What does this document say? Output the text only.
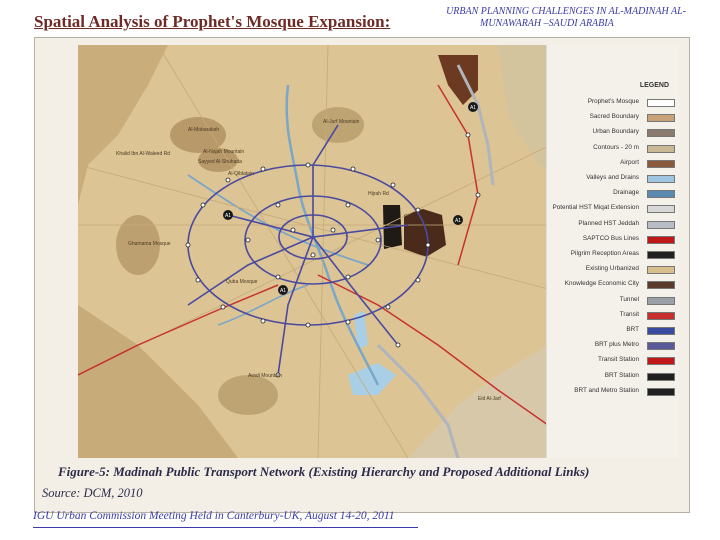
URBAN PLANNING CHALLENGES IN AL-MADINAH AL-
MUNAWARAH –SAUDI ARABIA
Spatial Analysis of Prophet's Mosque Expansion:
A1
A1
A1
A1
Al-Mobarakeh
Al-Najah Mountain
Al-Jurf Mountain
Khalid Ibn Al-Waleed Rd
Sayyed Al-Shuhada
Quba Mosque
Ghamama Mosque
Al-Qiblatain
Awali Mountain
Hijrah Rd
Eid Al-Jarf
LEGEND
Prophet's Mosque
Sacred Boundary
Urban Boundary
Contours - 20 m
Airport
Valleys and Drains
Drainage
Potential HST Miqat Extension
Planned HST Jeddah
SAPTCO Bus Lines
Pilgrim Reception Areas
Existing Urbanized
Knowledge Economic City
Tunnel
Transit
BRT
BRT plus Metro
Transit Station
BRT Station
BRT and Metro Station
Figure-5: Madinah Public Transport Network (Existing Hierarchy and Proposed Additional Links)
Source: DCM, 2010
IGU Urban Commission Meeting Held in Canterbury-UK, August 14-20, 2011
